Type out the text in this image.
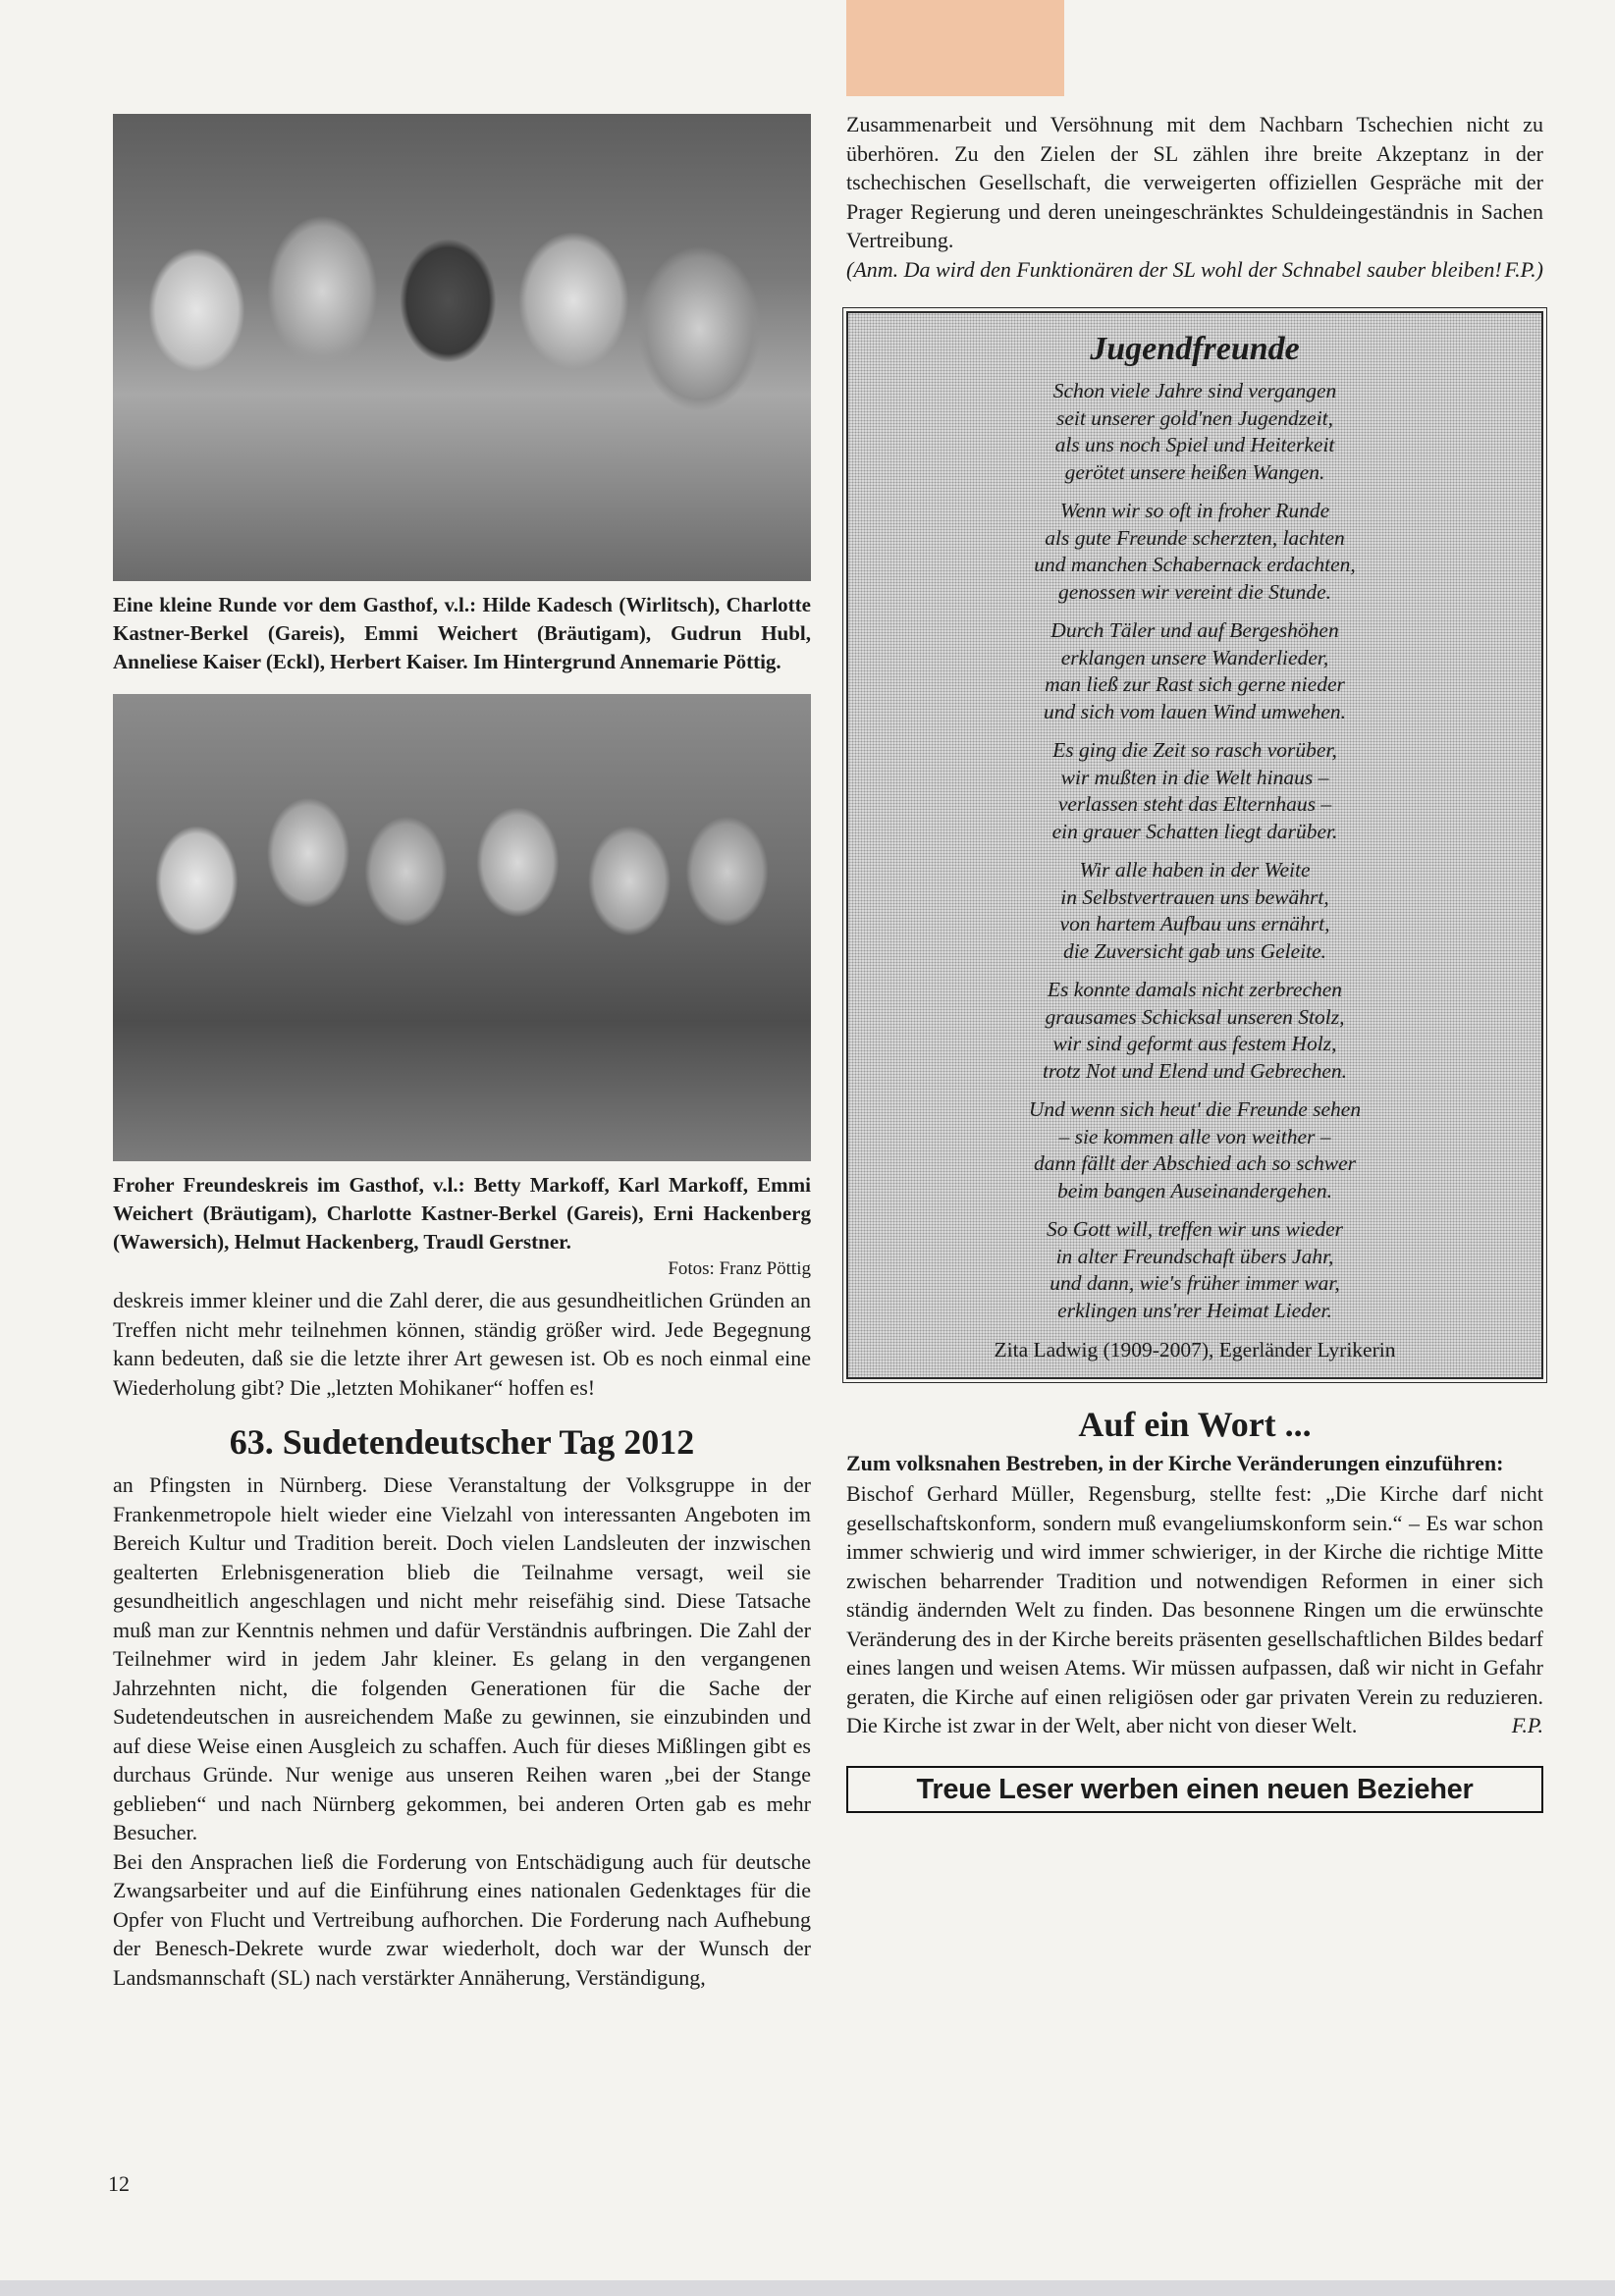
Eine kleine Runde vor dem Gasthof, v.l.: Hilde Kadesch (Wirlitsch), Charlotte Kastner-Berkel (Gareis), Emmi Weichert (Bräutigam), Gudrun Hubl, Anneliese Kaiser (Eckl), Herbert Kaiser. Im Hintergrund Annemarie Pöttig.
Froher Freundeskreis im Gasthof, v.l.: Betty Markoff, Karl Markoff, Emmi Weichert (Bräutigam), Charlotte Kastner-Berkel (Gareis), Erni Hackenberg (Wawersich), Helmut Hackenberg, Traudl Gerstner.
Fotos: Franz Pöttig

deskreis immer kleiner und die Zahl derer, die aus gesundheitlichen Gründen an Treffen nicht mehr teilnehmen können, ständig größer wird. Jede Begegnung kann bedeuten, daß sie die letzte ihrer Art gewesen ist. Ob es noch einmal eine Wiederholung gibt? Die „letzten Mohikaner“ hoffen es!

63. Sudetendeutscher Tag 2012

an Pfingsten in Nürnberg. Diese Veranstaltung der Volksgruppe in der Frankenmetropole hielt wieder eine Vielzahl von interessanten Angeboten im Bereich Kultur und Tradition bereit. Doch vielen Landsleuten der inzwischen gealterten Erlebnisgeneration blieb die Teilnahme versagt, weil sie gesundheitlich angeschlagen und nicht mehr reisefähig sind. Diese Tatsache muß man zur Kenntnis nehmen und dafür Verständnis aufbringen. Die Zahl der Teilnehmer wird in jedem Jahr kleiner. Es gelang in den vergangenen Jahrzehnten nicht, die folgenden Generationen für die Sache der Sudetendeutschen in ausreichendem Maße zu gewinnen, sie einzubinden und auf diese Weise einen Ausgleich zu schaffen. Auch für dieses Mißlingen gibt es durchaus Gründe. Nur wenige aus unseren Reihen waren „bei der Stange geblieben“ und nach Nürnberg gekommen, bei anderen Orten gab es mehr Besucher.

Bei den Ansprachen ließ die Forderung von Entschädigung auch für deutsche Zwangsarbeiter und auf die Einführung eines nationalen Gedenktages für die Opfer von Flucht und Vertreibung aufhorchen. Die Forderung nach Aufhebung der Benesch-Dekrete wurde zwar wiederholt, doch war der Wunsch der Landsmannschaft (SL) nach verstärkter Annäherung, Verständigung,

Zusammenarbeit und Versöhnung mit dem Nachbarn Tschechien nicht zu überhören. Zu den Zielen der SL zählen ihre breite Akzeptanz in der tschechischen Gesellschaft, die verweigerten offiziellen Gespräche mit der Prager Regierung und deren uneingeschränktes Schuldeingeständnis in Sachen Vertreibung.

(Anm. Da wird den Funktionären der SL wohl der Schnabel sauber bleiben! F.P.)

Jugendfreunde

Schon viele Jahre sind vergangen
seit unserer gold'nen Jugendzeit,
als uns noch Spiel und Heiterkeit
gerötet unsere heißen Wangen.

Wenn wir so oft in froher Runde
als gute Freunde scherzten, lachten
und manchen Schabernack erdachten,
genossen wir vereint die Stunde.

Durch Täler und auf Bergeshöhen
erklangen unsere Wanderlieder,
man ließ zur Rast sich gerne nieder
und sich vom lauen Wind umwehen.

Es ging die Zeit so rasch vorüber,
wir mußten in die Welt hinaus –
verlassen steht das Elternhaus –
ein grauer Schatten liegt darüber.

Wir alle haben in der Weite
in Selbstvertrauen uns bewährt,
von hartem Aufbau uns ernährt,
die Zuversicht gab uns Geleite.

Es konnte damals nicht zerbrechen
grausames Schicksal unseren Stolz,
wir sind geformt aus festem Holz,
trotz Not und Elend und Gebrechen.

Und wenn sich heut' die Freunde sehen
– sie kommen alle von weither –
dann fällt der Abschied ach so schwer
beim bangen Auseinandergehen.

So Gott will, treffen wir uns wieder
in alter Freundschaft übers Jahr,
und dann, wie's früher immer war,
erklingen uns'rer Heimat Lieder.

Zita Ladwig (1909-2007), Egerländer Lyrikerin
Auf ein Wort ...
Zum volksnahen Bestreben, in der Kirche Veränderungen einzuführen:

Bischof Gerhard Müller, Regensburg, stellte fest: „Die Kirche darf nicht gesellschaftskonform, sondern muß evangeliumskonform sein.“ – Es war schon immer schwierig und wird immer schwieriger, in der Kirche die richtige Mitte zwischen beharrender Tradition und notwendigen Reformen in einer sich ständig ändernden Welt zu finden. Das besonnene Ringen um die erwünschte Veränderung des in der Kirche bereits präsenten gesellschaftlichen Bildes bedarf eines langen und weisen Atems. Wir müssen aufpassen, daß wir nicht in Gefahr geraten, die Kirche auf einen religiösen oder gar privaten Verein zu reduzieren. Die Kirche ist zwar in der Welt, aber nicht von dieser Welt.	F.P.

Treue Leser werben einen neuen Bezieher
12
